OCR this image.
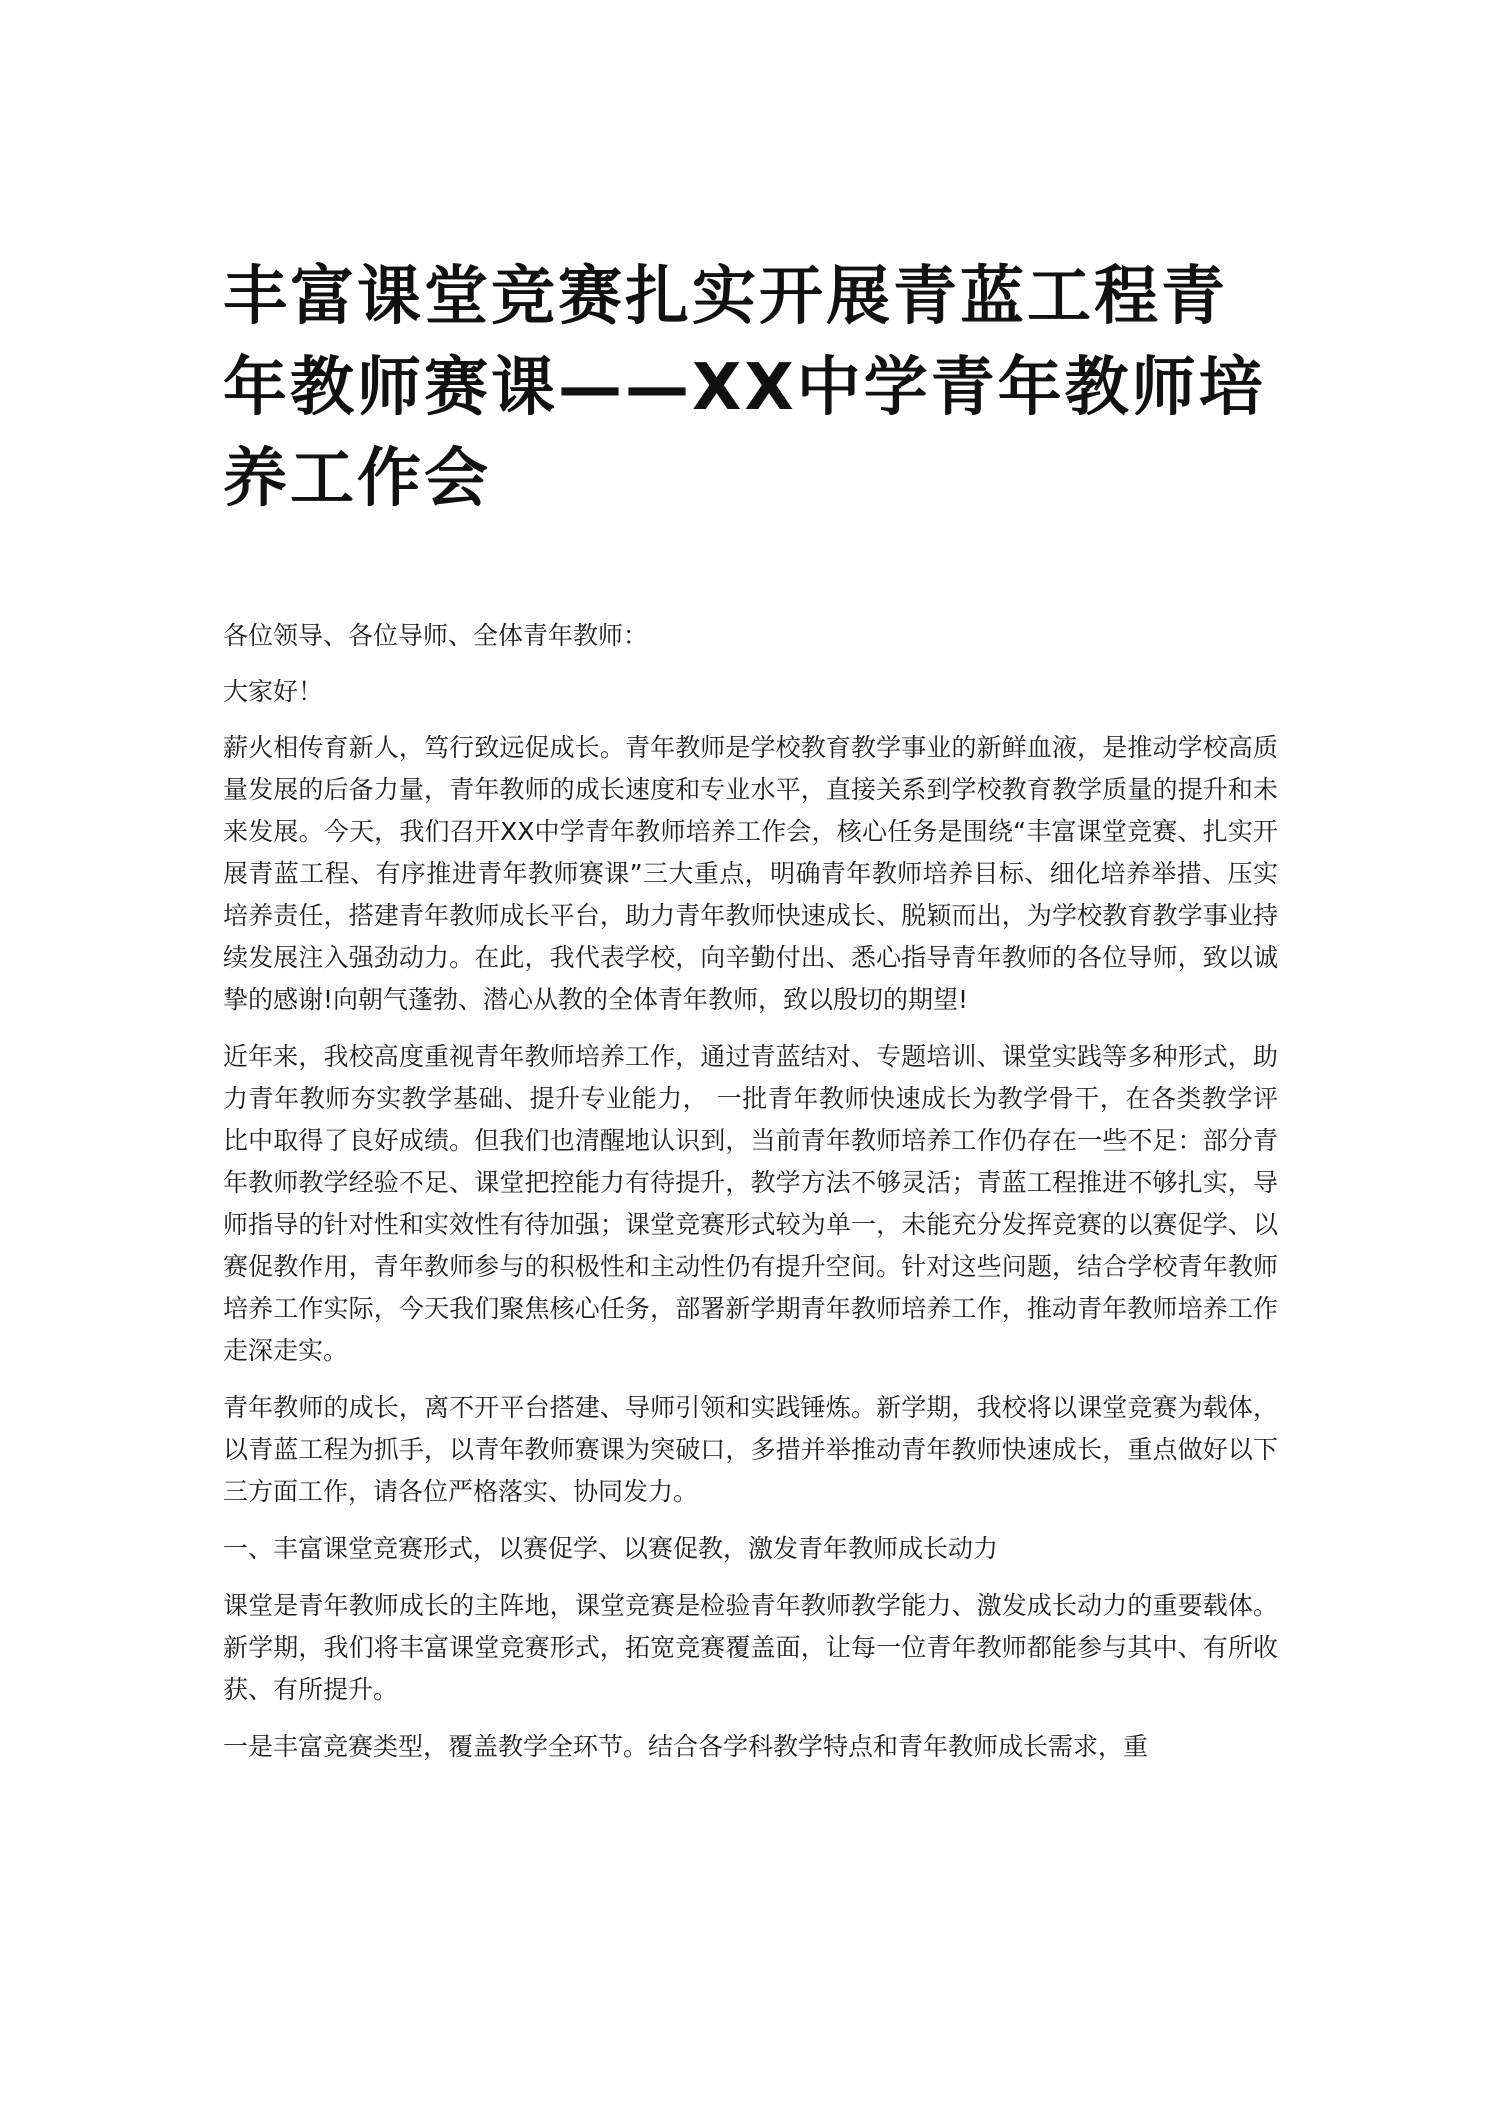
丰富课堂竞赛扎实开展青蓝工程青年教师赛课——XX中学青年教师培养工作会

各位领导、各位导师、全体青年教师：

大家好！

薪火相传育新人，笃行致远促成长。青年教师是学校教育教学事业的新鲜血液，是推动学校高质量发展的后备力量，青年教师的成长速度和专业水平，直接关系到学校教育教学质量的提升和未来发展。今天，我们召开XX中学青年教师培养工作会，核心任务是围绕“丰富课堂竞赛、扎实开展青蓝工程、有序推进青年教师赛课”三大重点，明确青年教师培养目标、细化培养举措、压实培养责任，搭建青年教师成长平台，助力青年教师快速成长、脱颖而出，为学校教育教学事业持续发展注入强劲动力。在此，我代表学校，向辛勤付出、悉心指导青年教师的各位导师，致以诚挚的感谢!向朝气蓬勃、潜心从教的全体青年教师，致以殷切的期望!

近年来，我校高度重视青年教师培养工作，通过青蓝结对、专题培训、课堂实践等多种形式，助力青年教师夯实教学基础、提升专业能力， 一批青年教师快速成长为教学骨干，在各类教学评比中取得了良好成绩。但我们也清醒地认识到，当前青年教师培养工作仍存在一些不足：部分青年教师教学经验不足、课堂把控能力有待提升，教学方法不够灵活；青蓝工程推进不够扎实，导师指导的针对性和实效性有待加强；课堂竞赛形式较为单一，未能充分发挥竞赛的以赛促学、以赛促教作用，青年教师参与的积极性和主动性仍有提升空间。针对这些问题，结合学校青年教师培养工作实际，今天我们聚焦核心任务，部署新学期青年教师培养工作，推动青年教师培养工作走深走实。

青年教师的成长，离不开平台搭建、导师引领和实践锤炼。新学期，我校将以课堂竞赛为载体，以青蓝工程为抓手，以青年教师赛课为突破口，多措并举推动青年教师快速成长，重点做好以下三方面工作，请各位严格落实、协同发力。

一、丰富课堂竞赛形式，以赛促学、以赛促教，激发青年教师成长动力

课堂是青年教师成长的主阵地，课堂竞赛是检验青年教师教学能力、激发成长动力的重要载体。新学期，我们将丰富课堂竞赛形式，拓宽竞赛覆盖面，让每一位青年教师都能参与其中、有所收获、有所提升。

一是丰富竞赛类型，覆盖教学全环节。结合各学科教学特点和青年教师成长需求，重
